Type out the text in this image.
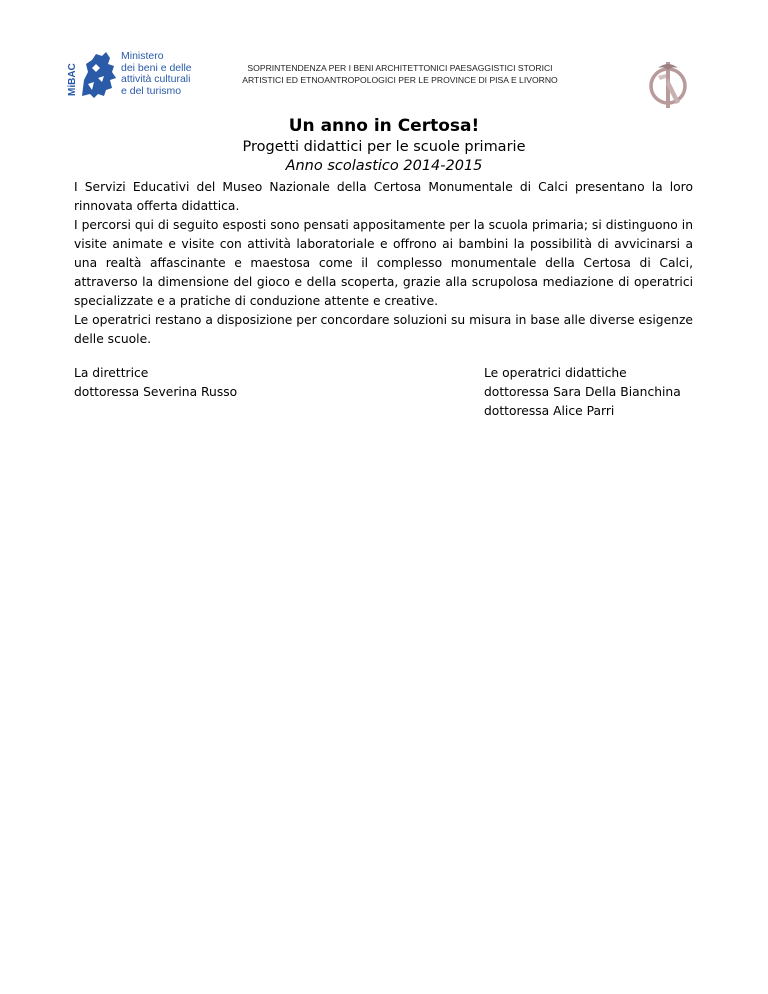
MiBAC
Ministero
dei beni e delle
attività culturali
e del turismo
SOPRINTENDENZA PER I BENI ARCHITETTONICI PAESAGGISTICI STORICI
ARTISTICI ED ETNOANTROPOLOGICI PER LE PROVINCE DI PISA E LIVORNO
Un anno in Certosa!
Progetti didattici per le scuole primarie
Anno scolastico 2014-2015

I Servizi Educativi del Museo Nazionale della Certosa Monumentale di Calci presentano la loro rinnovata offerta didattica.

I percorsi qui di seguito esposti sono pensati appositamente per la scuola primaria; si distinguono in visite animate e visite con attività laboratoriale e offrono ai bambini la possibilità di avvicinarsi a una realtà affascinante e maestosa come il complesso monumentale della Certosa di Calci, attraverso la dimensione del gioco e della scoperta, grazie alla scrupolosa mediazione di operatrici specializzate e a pratiche di conduzione attente e creative.

Le operatrici restano a disposizione per concordare soluzioni su misura in base alle diverse esigenze delle scuole.

La direttrice
dottoressa Severina Russo
Le operatrici didattiche
dottoressa Sara Della Bianchina
dottoressa Alice Parri
